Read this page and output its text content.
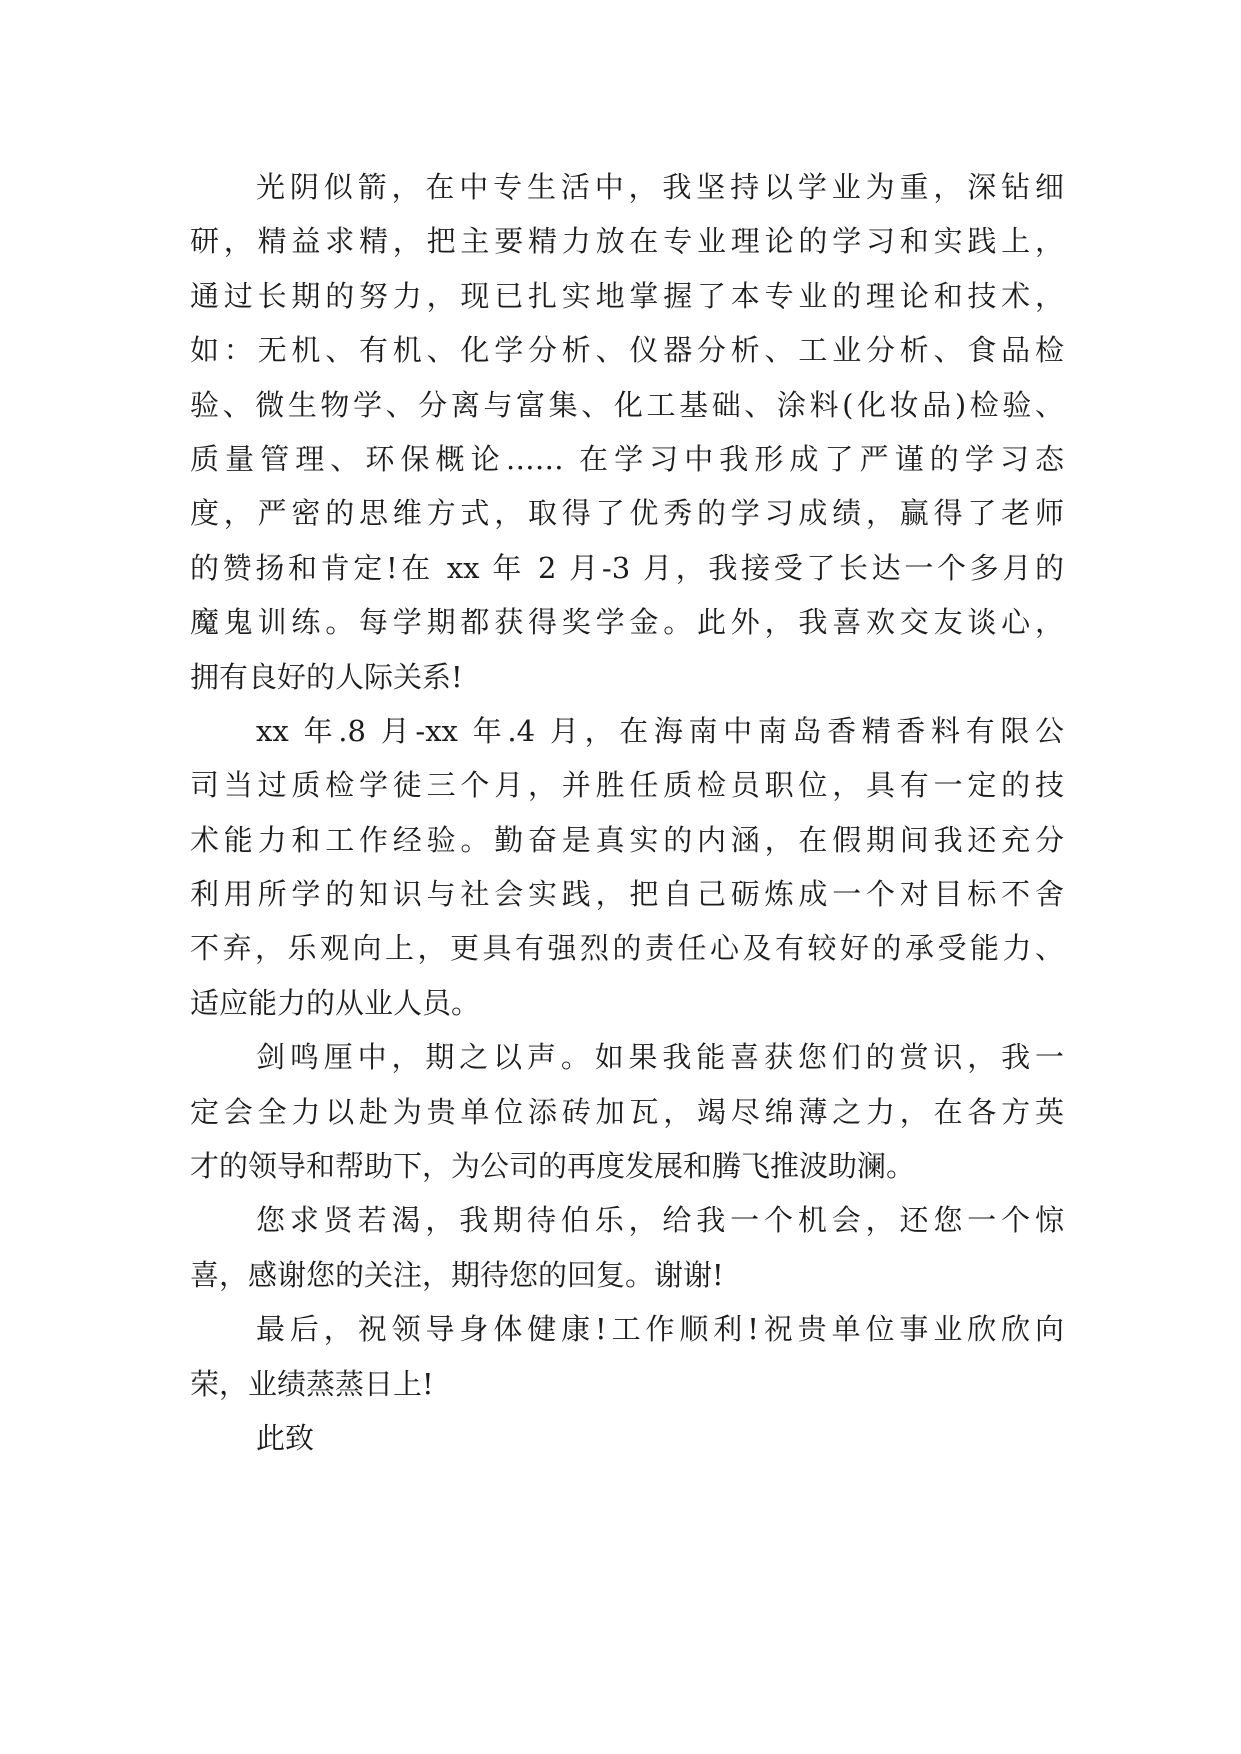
光阴似箭，在中专生活中，我坚持以学业为重，深钻细
研，精益求精，把主要精力放在专业理论的学习和实践上，
通过长期的努力，现已扎实地掌握了本专业的理论和技术，
如：无机、有机、化学分析、仪器分析、工业分析、食品检
验、微生物学、分离与富集、化工基础、涂料(化妆品)检验、
质量管理、环保概论…… 在学习中我形成了严谨的学习态
度，严密的思维方式，取得了优秀的学习成绩，赢得了老师
的赞扬和肯定!在 xx 年 2 月-3 月，我接受了长达一个多月的
魔鬼训练。每学期都获得奖学金。此外，我喜欢交友谈心，
拥有良好的人际关系!
xx 年.8 月-xx 年.4 月，在海南中南岛香精香料有限公
司当过质检学徒三个月，并胜任质检员职位，具有一定的技
术能力和工作经验。勤奋是真实的内涵，在假期间我还充分
利用所学的知识与社会实践，把自己砺炼成一个对目标不舍
不弃，乐观向上，更具有强烈的责任心及有较好的承受能力、
适应能力的从业人员。
剑鸣厘中，期之以声。如果我能喜获您们的赏识，我一
定会全力以赴为贵单位添砖加瓦，竭尽绵薄之力，在各方英
才的领导和帮助下，为公司的再度发展和腾飞推波助澜。
您求贤若渴，我期待伯乐，给我一个机会，还您一个惊
喜，感谢您的关注，期待您的回复。谢谢!
最后，祝领导身体健康!工作顺利!祝贵单位事业欣欣向
荣，业绩蒸蒸日上!
此致
